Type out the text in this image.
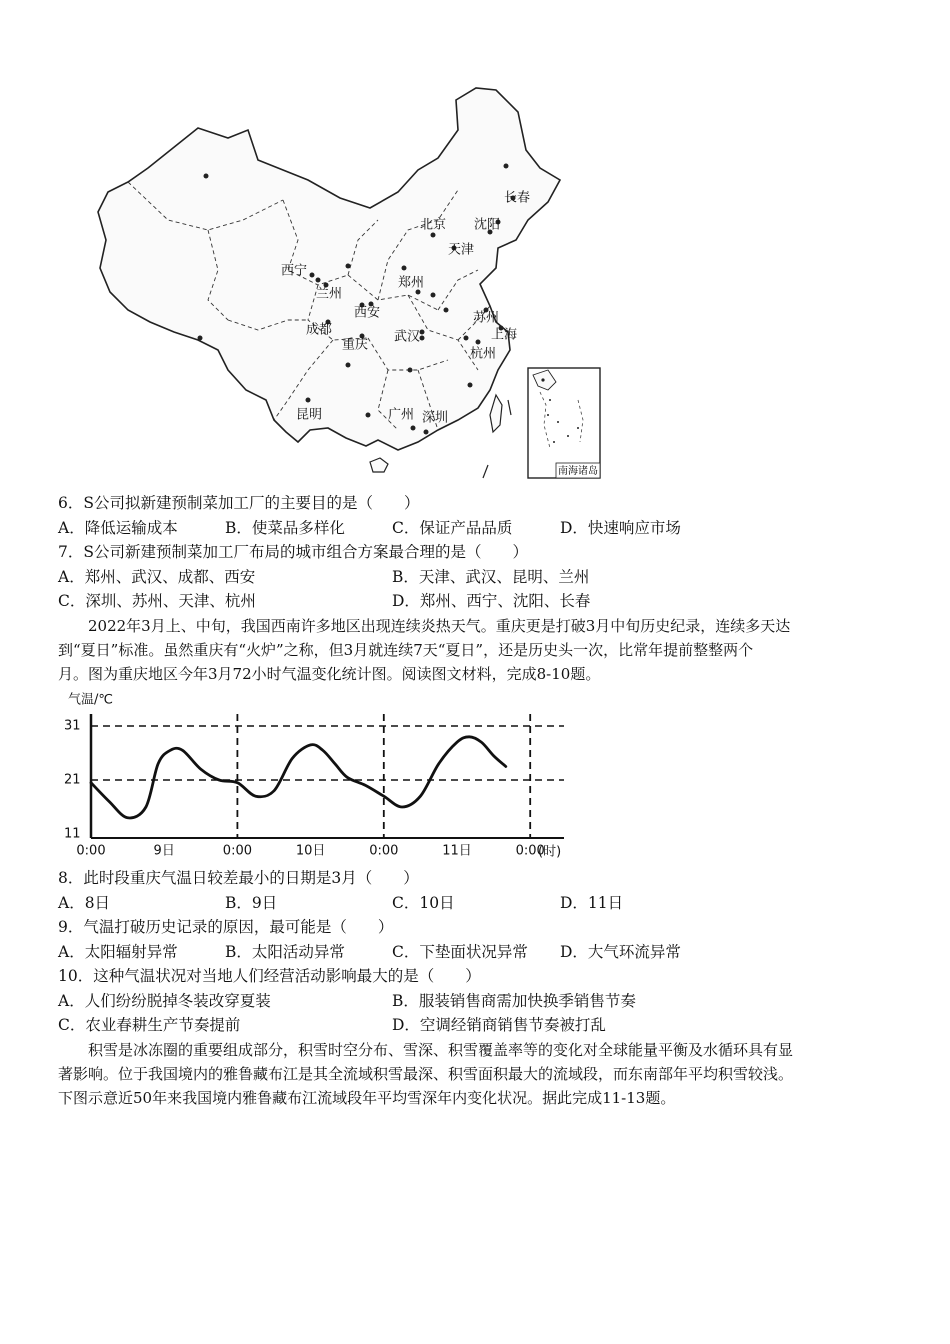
长春
北京 沈阳
天津
西宁
兰州
郑州
西安
成都
苏州
上海
武汉
重庆
杭州
昆明	广州 深圳
南海诸岛
6．S公司拟新建预制菜加工厂的主要目的是（　　）
A．降低运输成本	B．使菜品多样化	C．保证产品品质	D．快速响应市场
7．S公司新建预制菜加工厂布局的城市组合方案最合理的是（　　）
A．郑州、武汉、成都、西安	B．天津、武汉、昆明、兰州
C．深圳、苏州、天津、杭州	D．郑州、西宁、沈阳、长春
2022年3月上、中旬，我国西南许多地区出现连续炎热天气。重庆更是打破3月中旬历史纪录，连续多天达
到“夏日”标准。虽然重庆有“火炉”之称，但3月就连续7天“夏日”，还是历史头一次，比常年提前整整两个
月。图为重庆地区今年3月72小时气温变化统计图。阅读图文材料，完成8-10题。
气温/℃
31
21
11
0:00	9日	0:00	10日	0:00	11日	0:00
(时)
8．此时段重庆气温日较差最小的日期是3月（　　）
A．8日	B．9日	C．10日	D．11日
9．气温打破历史记录的原因，最可能是（　　）
A．太阳辐射异常	B．太阳活动异常	C．下垫面状况异常 D．大气环流异常
10．这种气温状况对当地人们经营活动影响最大的是（　　）
A．人们纷纷脱掉冬装改穿夏装	B．服装销售商需加快换季销售节奏
C．农业春耕生产节奏提前	D．空调经销商销售节奏被打乱
积雪是冰冻圈的重要组成部分，积雪时空分布、雪深、积雪覆盖率等的变化对全球能量平衡及水循环具有显
著影响。位于我国境内的雅鲁藏布江是其全流域积雪最深、积雪面积最大的流域段，而东南部年平均积雪较浅。
下图示意近50年来我国境内雅鲁藏布江流域段年平均雪深年内变化状况。据此完成11-13题。
